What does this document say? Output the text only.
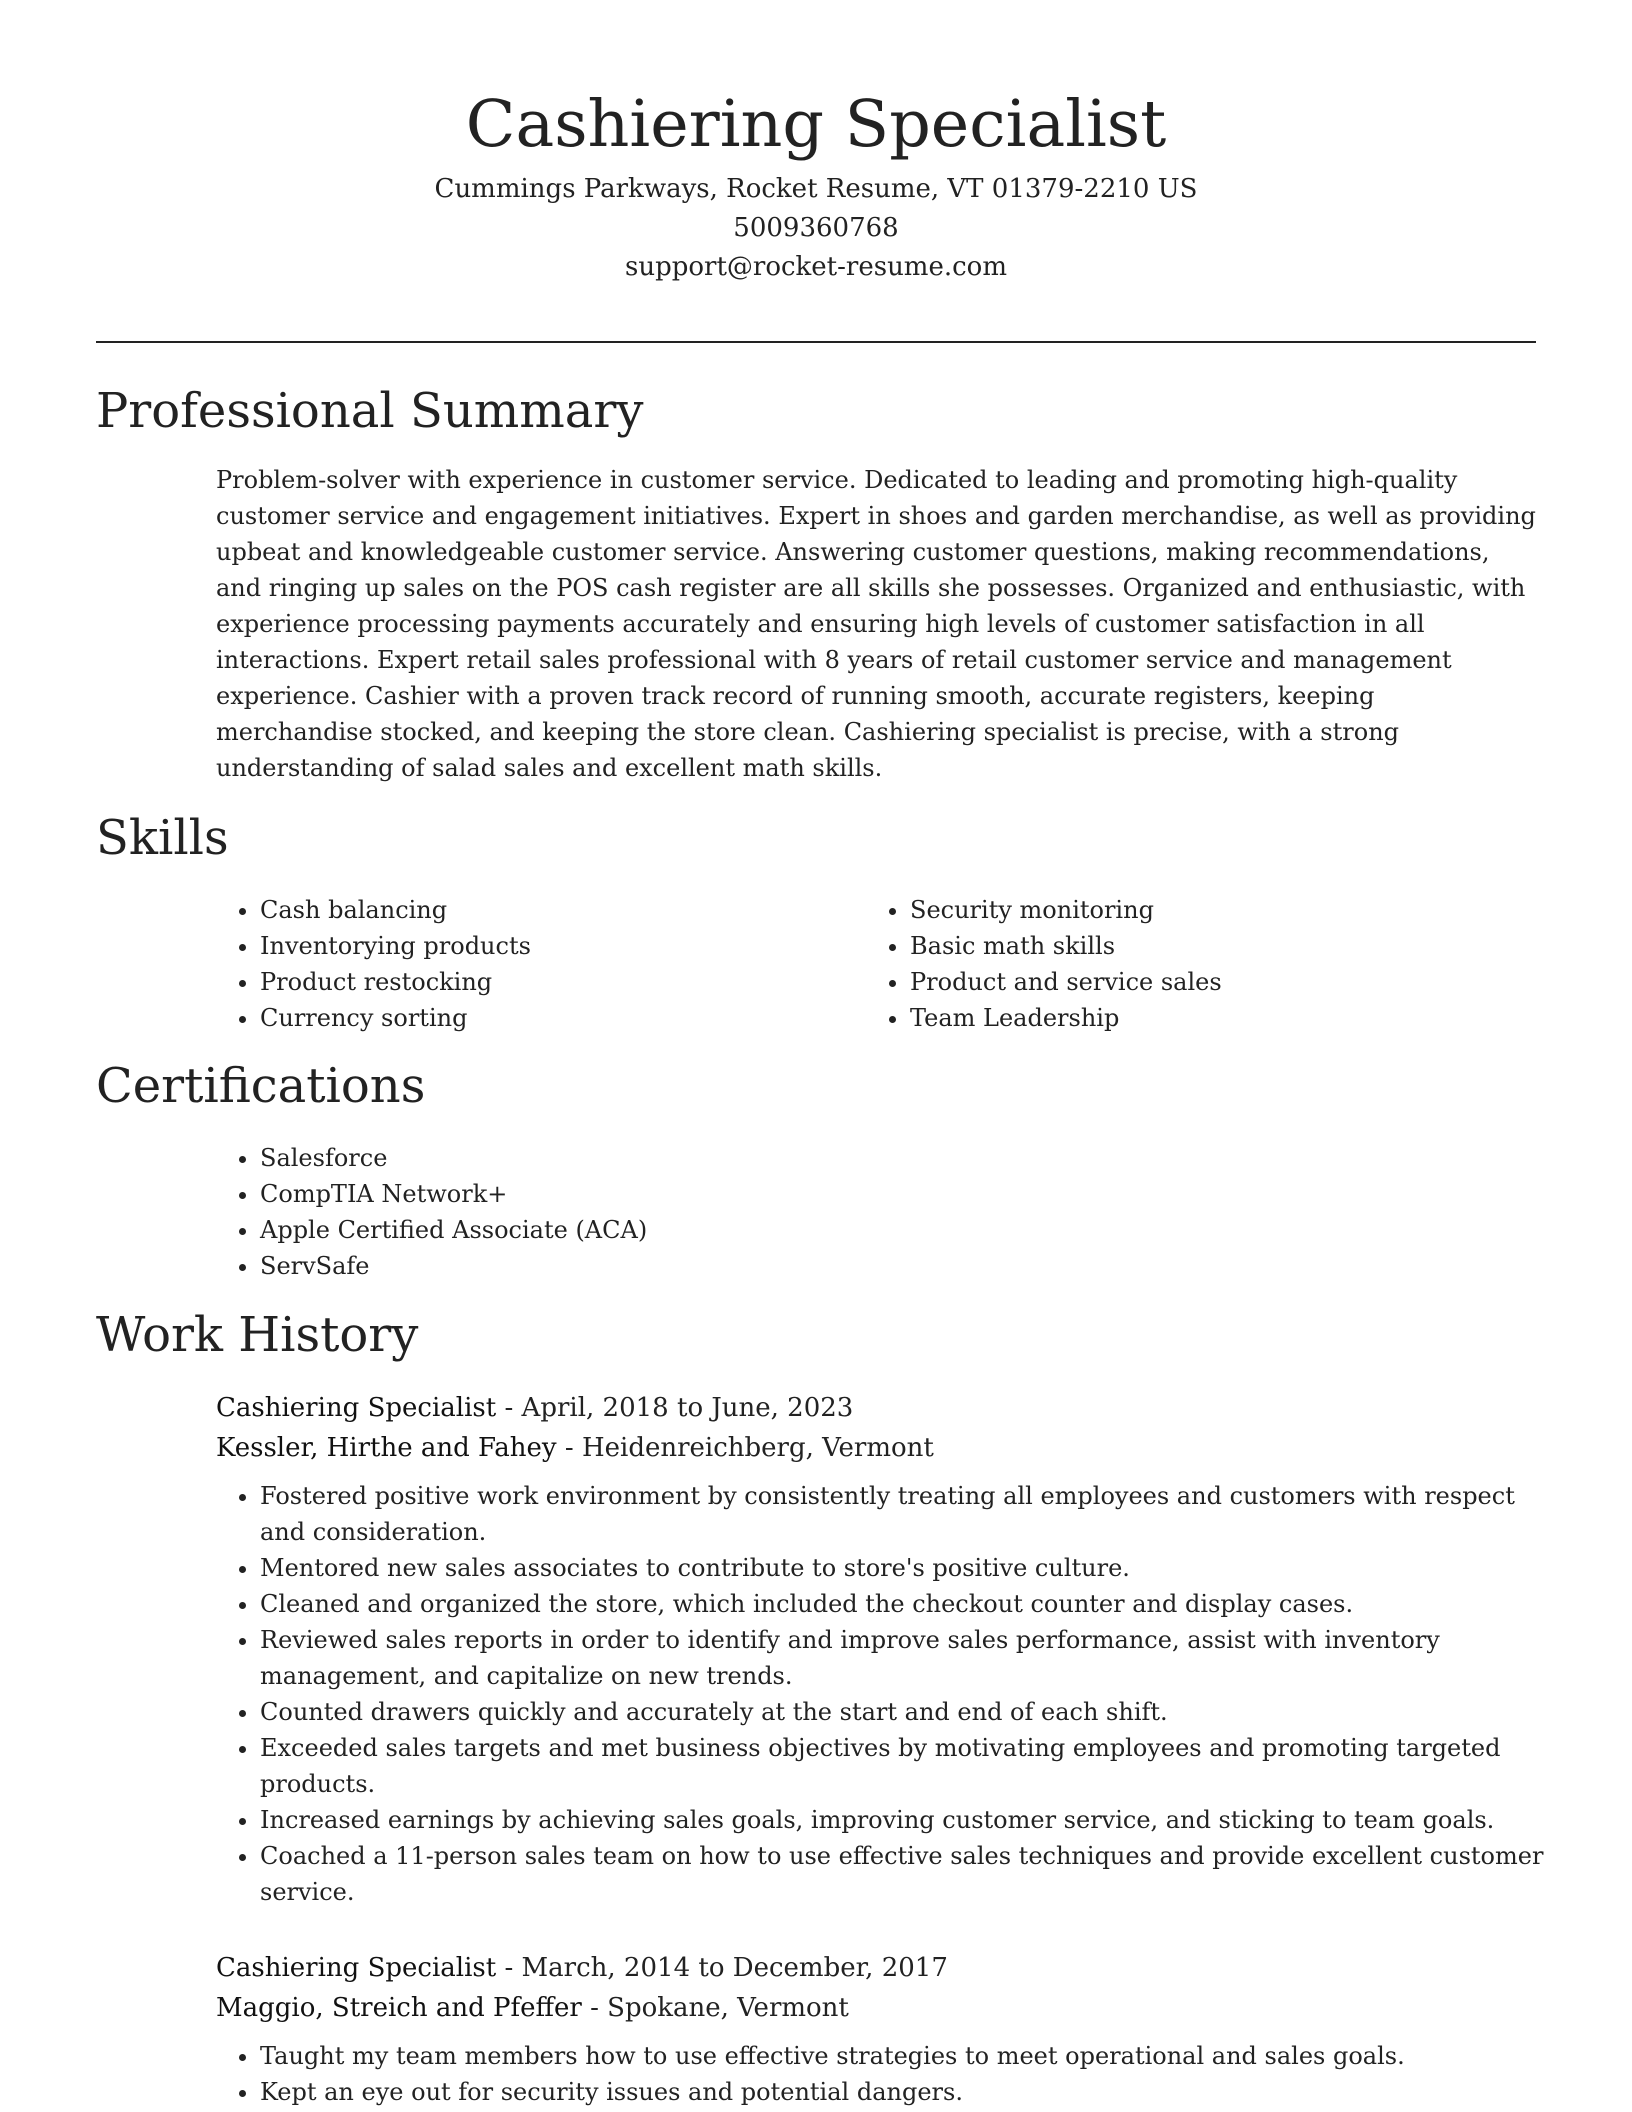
Cashiering Specialist

Cummings Parkways, Rocket Resume, VT 01379-2210 US

5009360768

support@rocket-resume.com

Professional Summary

Problem-solver with experience in customer service. Dedicated to leading and promoting high-quality customer service and engagement initiatives. Expert in shoes and garden merchandise, as well as providing upbeat and knowledgeable customer service. Answering customer questions, making recommendations, and ringing up sales on the POS cash register are all skills she possesses. Organized and enthusiastic, with experience processing payments accurately and ensuring high levels of customer satisfaction in all interactions. Expert retail sales professional with 8 years of retail customer service and management experience. Cashier with a proven track record of running smooth, accurate registers, keeping merchandise stocked, and keeping the store clean. Cashiering specialist is precise, with a strong understanding of salad sales and excellent math skills.

Skills
• Cash balancing
• Inventorying products
• Product restocking
• Currency sorting
• Security monitoring
• Basic math skills
• Product and service sales
• Team Leadership
Certifications
• Salesforce
• CompTIA Network+
• Apple Certified Associate (ACA)
• ServSafe
Work History

Cashiering Specialist - April, 2018 to June, 2023

Kessler, Hirthe and Fahey - Heidenreichberg, Vermont

• Fostered positive work environment by consistently treating all employees and customers with respect and consideration.
• Mentored new sales associates to contribute to store's positive culture.
• Cleaned and organized the store, which included the checkout counter and display cases.
• Reviewed sales reports in order to identify and improve sales performance, assist with inventory management, and capitalize on new trends.
• Counted drawers quickly and accurately at the start and end of each shift.
• Exceeded sales targets and met business objectives by motivating employees and promoting targeted products.
• Increased earnings by achieving sales goals, improving customer service, and sticking to team goals.
• Coached a 11-person sales team on how to use effective sales techniques and provide excellent customer service.

Cashiering Specialist - March, 2014 to December, 2017

Maggio, Streich and Pfeffer - Spokane, Vermont

• Taught my team members how to use effective strategies to meet operational and sales goals.
• Kept an eye out for security issues and potential dangers.
